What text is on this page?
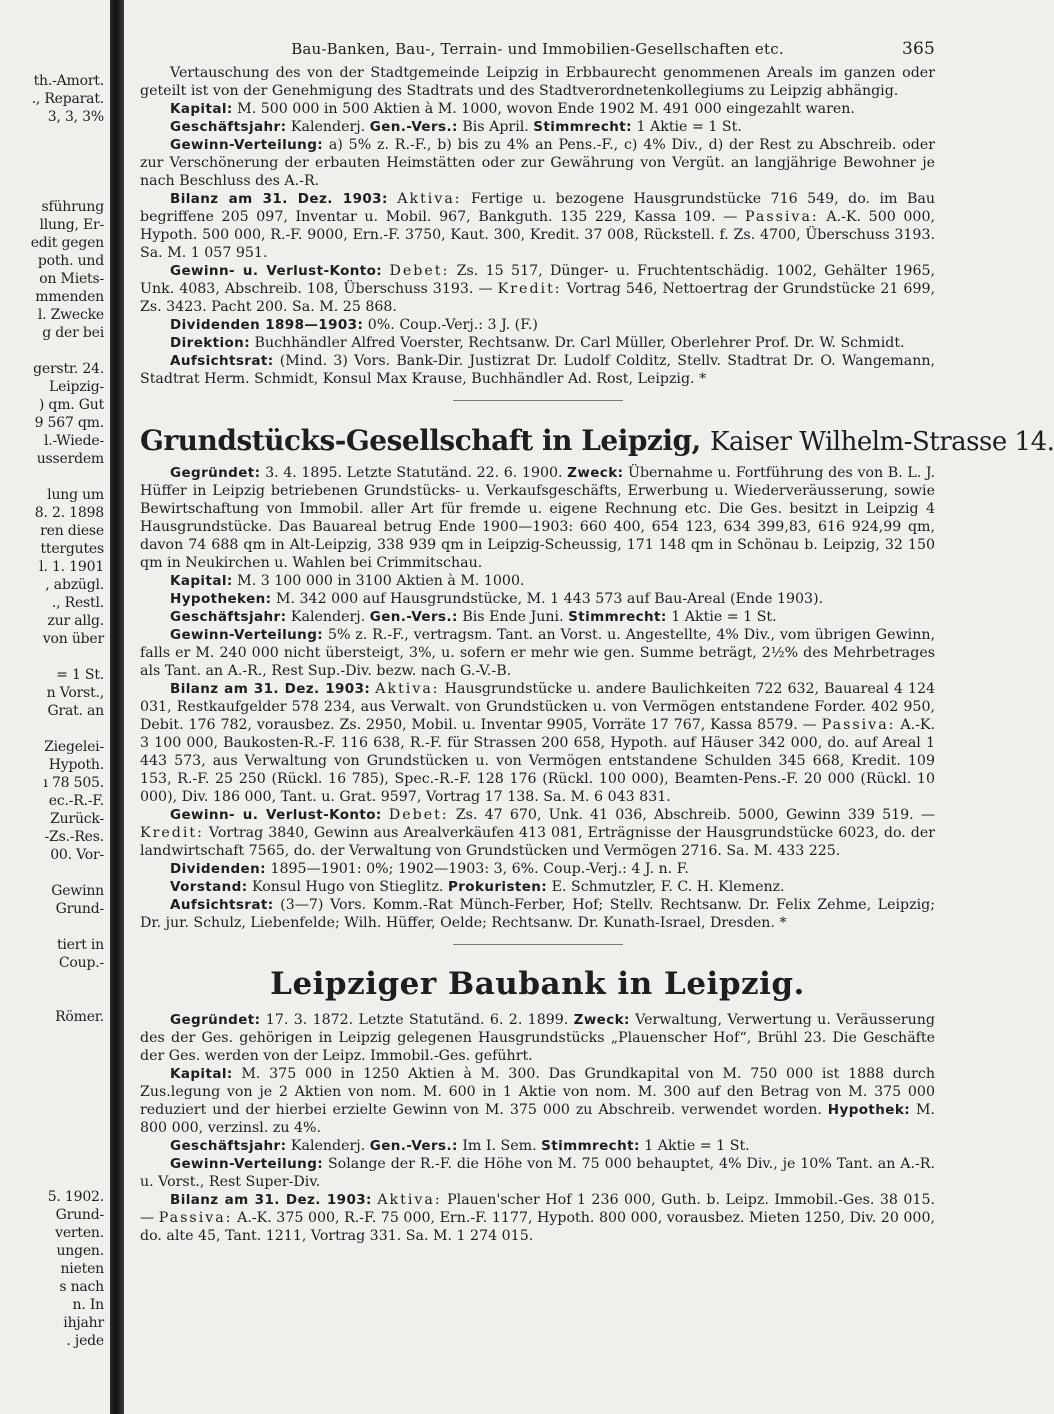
th.-Amort.
., Reparat.
3, 3, 3%
sführung
llung, Er-
edit gegen
poth. und
on Miets-
mmenden
l. Zwecke
g der bei
gerstr. 24.
Leipzig-
) qm. Gut
9 567 qm.
l.-Wiede-
usserdem
lung um
8. 2. 1898
ren diese
ttergutes
l. 1. 1901
, abzügl.
., Restl.
zur allg.
von über
= 1 St.
n Vorst.,
Grat. an
Ziegelei-
Hypoth.
ı 78 505.
ec.-R.-F.
Zurück-
-Zs.-Res.
00. Vor-
Gewinn
Grund-
tiert in
Coup.-
Römer.
5. 1902.
Grund-
verten.
ungen.
nieten
s nach
n. In
ihjahr
. jede
Bau-Banken, Bau-, Terrain- und Immobilien-Gesellschaften etc.	365

Vertauschung des von der Stadtgemeinde Leipzig in Erbbaurecht genommenen Areals im ganzen oder geteilt ist von der Genehmigung des Stadtrats und des Stadtverordnetenkollegiums zu Leipzig abhängig.

Kapital: M. 500 000 in 500 Aktien à M. 1000, wovon Ende 1902 M. 491 000 eingezahlt waren.

Geschäftsjahr: Kalenderj. Gen.-Vers.: Bis April. Stimmrecht: 1 Aktie = 1 St.

Gewinn-Verteilung: a) 5% z. R.-F., b) bis zu 4% an Pens.-F., c) 4% Div., d) der Rest zu Abschreib. oder zur Verschönerung der erbauten Heimstätten oder zur Gewährung von Vergüt. an langjährige Bewohner je nach Beschluss des A.-R.

Bilanz am 31. Dez. 1903: Aktiva: Fertige u. bezogene Hausgrundstücke 716 549, do. im Bau begriffene 205 097, Inventar u. Mobil. 967, Bankguth. 135 229, Kassa 109. — Passiva: A.-K. 500 000, Hypoth. 500 000, R.-F. 9000, Ern.-F. 3750, Kaut. 300, Kredit. 37 008, Rückstell. f. Zs. 4700, Überschuss 3193. Sa. M. 1 057 951.

Gewinn- u. Verlust-Konto: Debet: Zs. 15 517, Dünger- u. Fruchtentschädig. 1002, Gehälter 1965, Unk. 4083, Abschreib. 108, Überschuss 3193. — Kredit: Vortrag 546, Nettoertrag der Grundstücke 21 699, Zs. 3423. Pacht 200. Sa. M. 25 868.

Dividenden 1898—1903: 0%. Coup.-Verj.: 3 J. (F.)

Direktion: Buchhändler Alfred Voerster, Rechtsanw. Dr. Carl Müller, Oberlehrer Prof. Dr. W. Schmidt.

Aufsichtsrat: (Mind. 3) Vors. Bank-Dir. Justizrat Dr. Ludolf Colditz, Stellv. Stadtrat Dr. O. Wangemann, Stadtrat Herm. Schmidt, Konsul Max Krause, Buchhändler Ad. Rost, Leipzig. *

Grundstücks-Gesellschaft in Leipzig, Kaiser Wilhelm-Strasse 14.

Gegründet: 3. 4. 1895. Letzte Statutänd. 22. 6. 1900. Zweck: Übernahme u. Fortführung des von B. L. J. Hüffer in Leipzig betriebenen Grundstücks- u. Verkaufsgeschäfts, Erwerbung u. Wiederveräusserung, sowie Bewirtschaftung von Immobil. aller Art für fremde u. eigene Rechnung etc. Die Ges. besitzt in Leipzig 4 Hausgrundstücke. Das Bauareal betrug Ende 1900—1903: 660 400, 654 123, 634 399,83, 616 924,99 qm, davon 74 688 qm in Alt-Leipzig, 338 939 qm in Leipzig-Scheussig, 171 148 qm in Schönau b. Leipzig, 32 150 qm in Neukirchen u. Wahlen bei Crimmitschau.

Kapital: M. 3 100 000 in 3100 Aktien à M. 1000.

Hypotheken: M. 342 000 auf Hausgrundstücke, M. 1 443 573 auf Bau-Areal (Ende 1903).

Geschäftsjahr: Kalenderj. Gen.-Vers.: Bis Ende Juni. Stimmrecht: 1 Aktie = 1 St.

Gewinn-Verteilung: 5% z. R.-F., vertragsm. Tant. an Vorst. u. Angestellte, 4% Div., vom übrigen Gewinn, falls er M. 240 000 nicht übersteigt, 3%, u. sofern er mehr wie gen. Summe beträgt, 2½% des Mehrbetrages als Tant. an A.-R., Rest Sup.-Div. bezw. nach G.-V.-B.

Bilanz am 31. Dez. 1903: Aktiva: Hausgrundstücke u. andere Baulichkeiten 722 632, Bauareal 4 124 031, Restkaufgelder 578 234, aus Verwalt. von Grundstücken u. von Vermögen entstandene Forder. 402 950, Debit. 176 782, vorausbez. Zs. 2950, Mobil. u. Inventar 9905, Vorräte 17 767, Kassa 8579. — Passiva: A.-K. 3 100 000, Baukosten-R.-F. 116 638, R.-F. für Strassen 200 658, Hypoth. auf Häuser 342 000, do. auf Areal 1 443 573, aus Verwaltung von Grundstücken u. von Vermögen entstandene Schulden 345 668, Kredit. 109 153, R.-F. 25 250 (Rückl. 16 785), Spec.-R.-F. 128 176 (Rückl. 100 000), Beamten-Pens.-F. 20 000 (Rückl. 10 000), Div. 186 000, Tant. u. Grat. 9597, Vortrag 17 138. Sa. M. 6 043 831.

Gewinn- u. Verlust-Konto: Debet: Zs. 47 670, Unk. 41 036, Abschreib. 5000, Gewinn 339 519. — Kredit: Vortrag 3840, Gewinn aus Arealverkäufen 413 081, Erträgnisse der Hausgrundstücke 6023, do. der landwirtschaft 7565, do. der Verwaltung von Grundstücken und Vermögen 2716. Sa. M. 433 225.

Dividenden: 1895—1901: 0%; 1902—1903: 3, 6%. Coup.-Verj.: 4 J. n. F.

Vorstand: Konsul Hugo von Stieglitz. Prokuristen: E. Schmutzler, F. C. H. Klemenz.

Aufsichtsrat: (3—7) Vors. Komm.-Rat Münch-Ferber, Hof; Stellv. Rechtsanw. Dr. Felix Zehme, Leipzig; Dr. jur. Schulz, Liebenfelde; Wilh. Hüffer, Oelde; Rechtsanw. Dr. Kunath-Israel, Dresden. *

Leipziger Baubank in Leipzig.

Gegründet: 17. 3. 1872. Letzte Statutänd. 6. 2. 1899. Zweck: Verwaltung, Verwertung u. Veräusserung des der Ges. gehörigen in Leipzig gelegenen Hausgrundstücks „Plauenscher Hof“, Brühl 23. Die Geschäfte der Ges. werden von der Leipz. Immobil.-Ges. geführt.

Kapital: M. 375 000 in 1250 Aktien à M. 300. Das Grundkapital von M. 750 000 ist 1888 durch Zus.legung von je 2 Aktien von nom. M. 600 in 1 Aktie von nom. M. 300 auf den Betrag von M. 375 000 reduziert und der hierbei erzielte Gewinn von M. 375 000 zu Abschreib. verwendet worden. Hypothek: M. 800 000, verzinsl. zu 4%.

Geschäftsjahr: Kalenderj. Gen.-Vers.: Im I. Sem. Stimmrecht: 1 Aktie = 1 St.

Gewinn-Verteilung: Solange der R.-F. die Höhe von M. 75 000 behauptet, 4% Div., je 10% Tant. an A.-R. u. Vorst., Rest Super-Div.

Bilanz am 31. Dez. 1903: Aktiva: Plauen'scher Hof 1 236 000, Guth. b. Leipz. Immobil.-Ges. 38 015. — Passiva: A.-K. 375 000, R.-F. 75 000, Ern.-F. 1177, Hypoth. 800 000, vorausbez. Mieten 1250, Div. 20 000, do. alte 45, Tant. 1211, Vortrag 331. Sa. M. 1 274 015.
